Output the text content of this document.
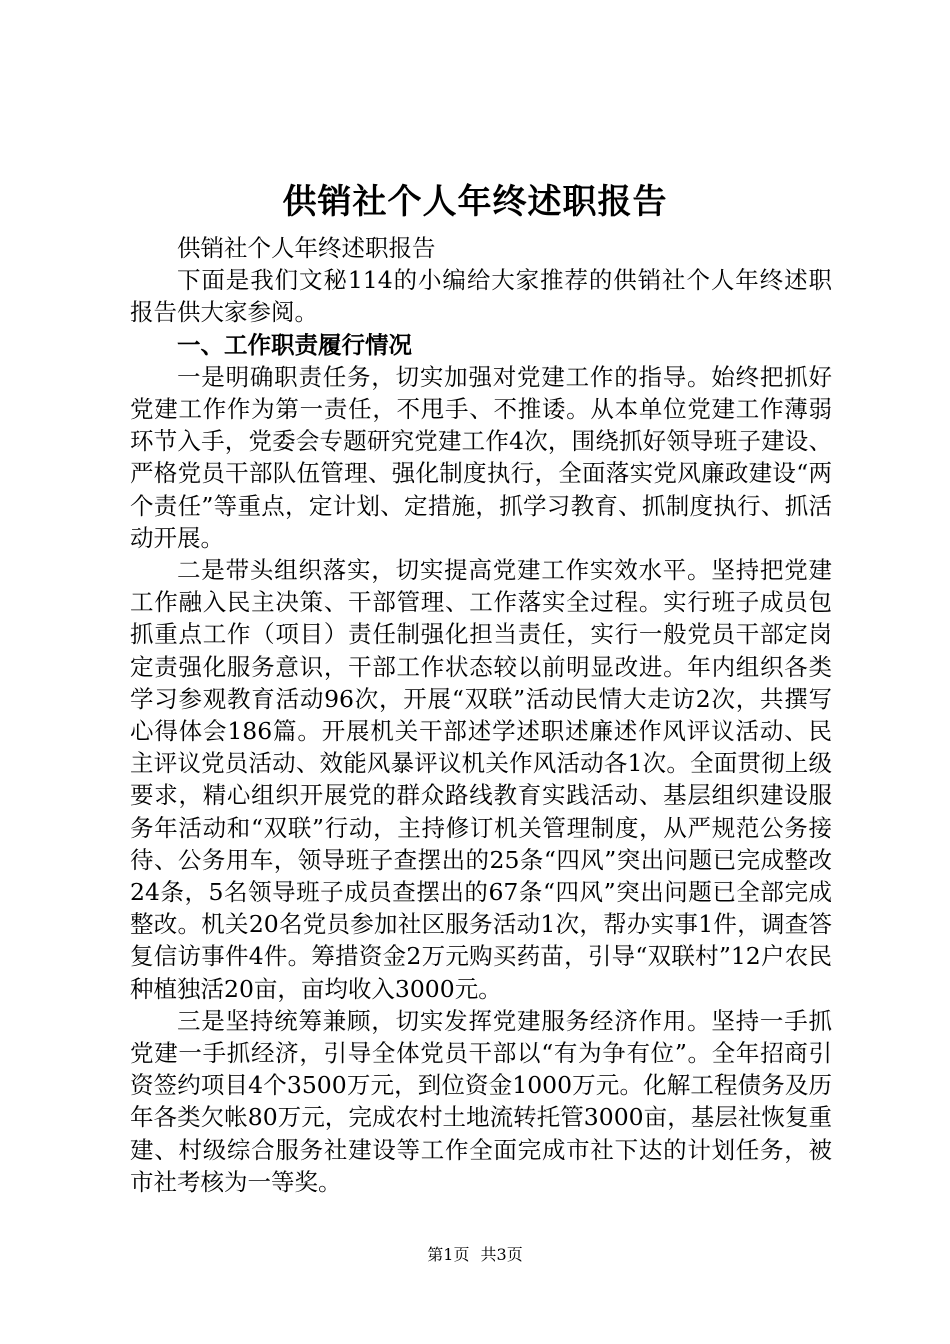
供销社个人年终述职报告

供销社个人年终述职报告

下面是我们文秘114的小编给大家推荐的供销社个人年终述职报告供大家参阅。

一、工作职责履行情况

一是明确职责任务，切实加强对党建工作的指导。始终把抓好党建工作作为第一责任，不甩手、不推诿。从本单位党建工作薄弱环节入手，党委会专题研究党建工作4次，围绕抓好领导班子建设、严格党员干部队伍管理、强化制度执行，全面落实党风廉政建设“两个责任”等重点，定计划、定措施，抓学习教育、抓制度执行、抓活动开展。

二是带头组织落实，切实提高党建工作实效水平。坚持把党建工作融入民主决策、干部管理、工作落实全过程。实行班子成员包抓重点工作（项目）责任制强化担当责任，实行一般党员干部定岗定责强化服务意识，干部工作状态较以前明显改进。年内组织各类学习参观教育活动96次，开展“双联”活动民情大走访2次，共撰写心得体会186篇。开展机关干部述学述职述廉述作风评议活动、民主评议党员活动、效能风暴评议机关作风活动各1次。全面贯彻上级要求，精心组织开展党的群众路线教育实践活动、基层组织建设服务年活动和“双联”行动，主持修订机关管理制度，从严规范公务接待、公务用车，领导班子查摆出的25条“四风”突出问题已完成整改24条，5名领导班子成员查摆出的67条“四风”突出问题已全部完成整改。机关20名党员参加社区服务活动1次，帮办实事1件，调查答复信访事件4件。筹措资金2万元购买药苗，引导“双联村”12户农民种植独活20亩，亩均收入3000元。

三是坚持统筹兼顾，切实发挥党建服务经济作用。坚持一手抓党建一手抓经济，引导全体党员干部以“有为争有位”。全年招商引资签约项目4个3500万元，到位资金1000万元。化解工程债务及历年各类欠帐80万元，完成农村土地流转托管3000亩，基层社恢复重建、村级综合服务社建设等工作全面完成市社下达的计划任务，被市社考核为一等奖。

第1页 共3页
